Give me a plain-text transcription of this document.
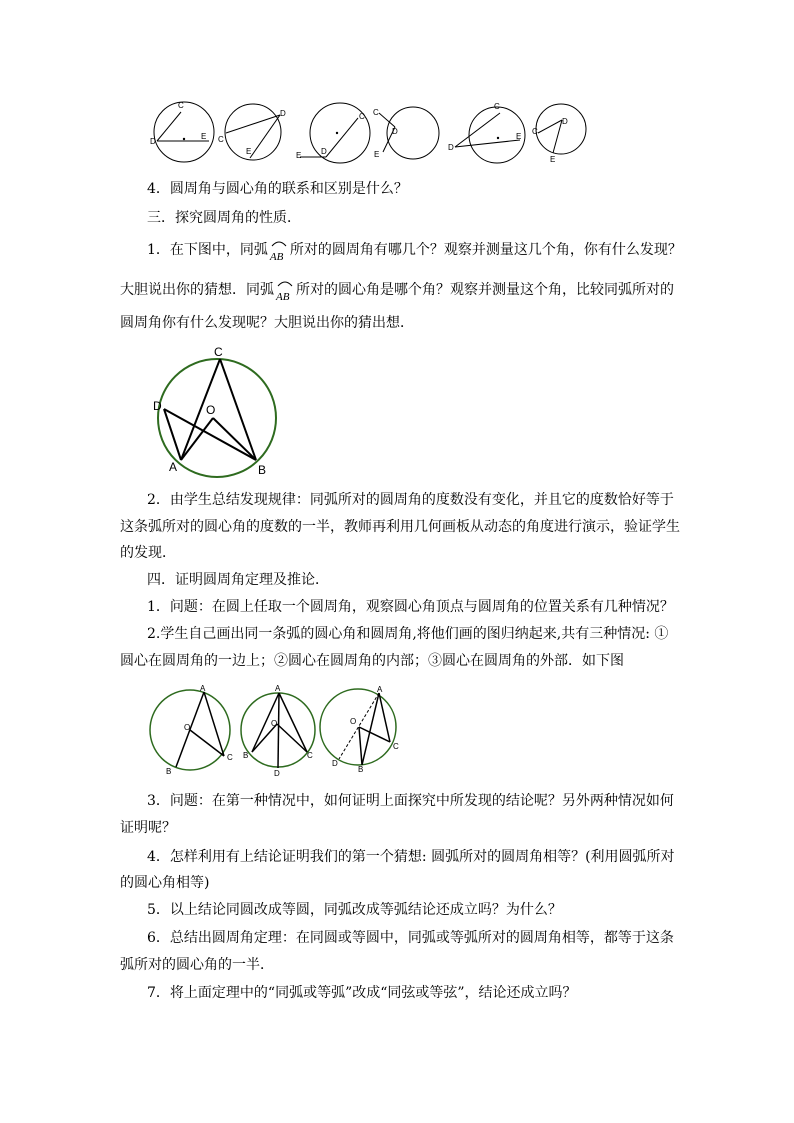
C
D
E
D
C
E
C
D
E
C
E
D
C
D
E
C
D
E
4．圆周角与圆心角的联系和区别是什么？
三．探究圆周角的性质．
1．在下图中，同弧 AB 所对的圆周角有哪几个？观察并测量这几个角，你有什么发现？
大胆说出你的猜想．同弧 AB 所对的圆心角是哪个角？观察并测量这个角，比较同弧所对的
圆周角你有什么发现呢？大胆说出你的猜出想．
C
D	O
A	B
2．由学生总结发现规律：同弧所对的圆周角的度数没有变化，并且它的度数恰好等于
这条弧所对的圆心角的度数的一半，教师再利用几何画板从动态的角度进行演示，验证学生
的发现．
四．证明圆周角定理及推论．
1．问题：在圆上任取一个圆周角，观察圆心角顶点与圆周角的位置关系有几种情况？
2.学生自己画出同一条弧的圆心角和圆周角,将他们画的图归纳起来,共有三种情况: ①
圆心在圆周角的一边上；②圆心在圆周角的内部；③圆心在圆周角的外部．如下图
A
O
B
C
A
O
B	C
D
A
O
D
B
C
3．问题：在第一种情况中，如何证明上面探究中所发现的结论呢？另外两种情况如何
证明呢？
4．怎样利用有上结论证明我们的第一个猜想: 圆弧所对的圆周角相等？(利用圆弧所对
的圆心角相等)
5．以上结论同圆改成等圆，同弧改成等弧结论还成立吗？为什么？
6．总结出圆周角定理：在同圆或等圆中，同弧或等弧所对的圆周角相等，都等于这条
弧所对的圆心角的一半．
7．将上面定理中的“同弧或等弧”改成“同弦或等弦”，结论还成立吗？
